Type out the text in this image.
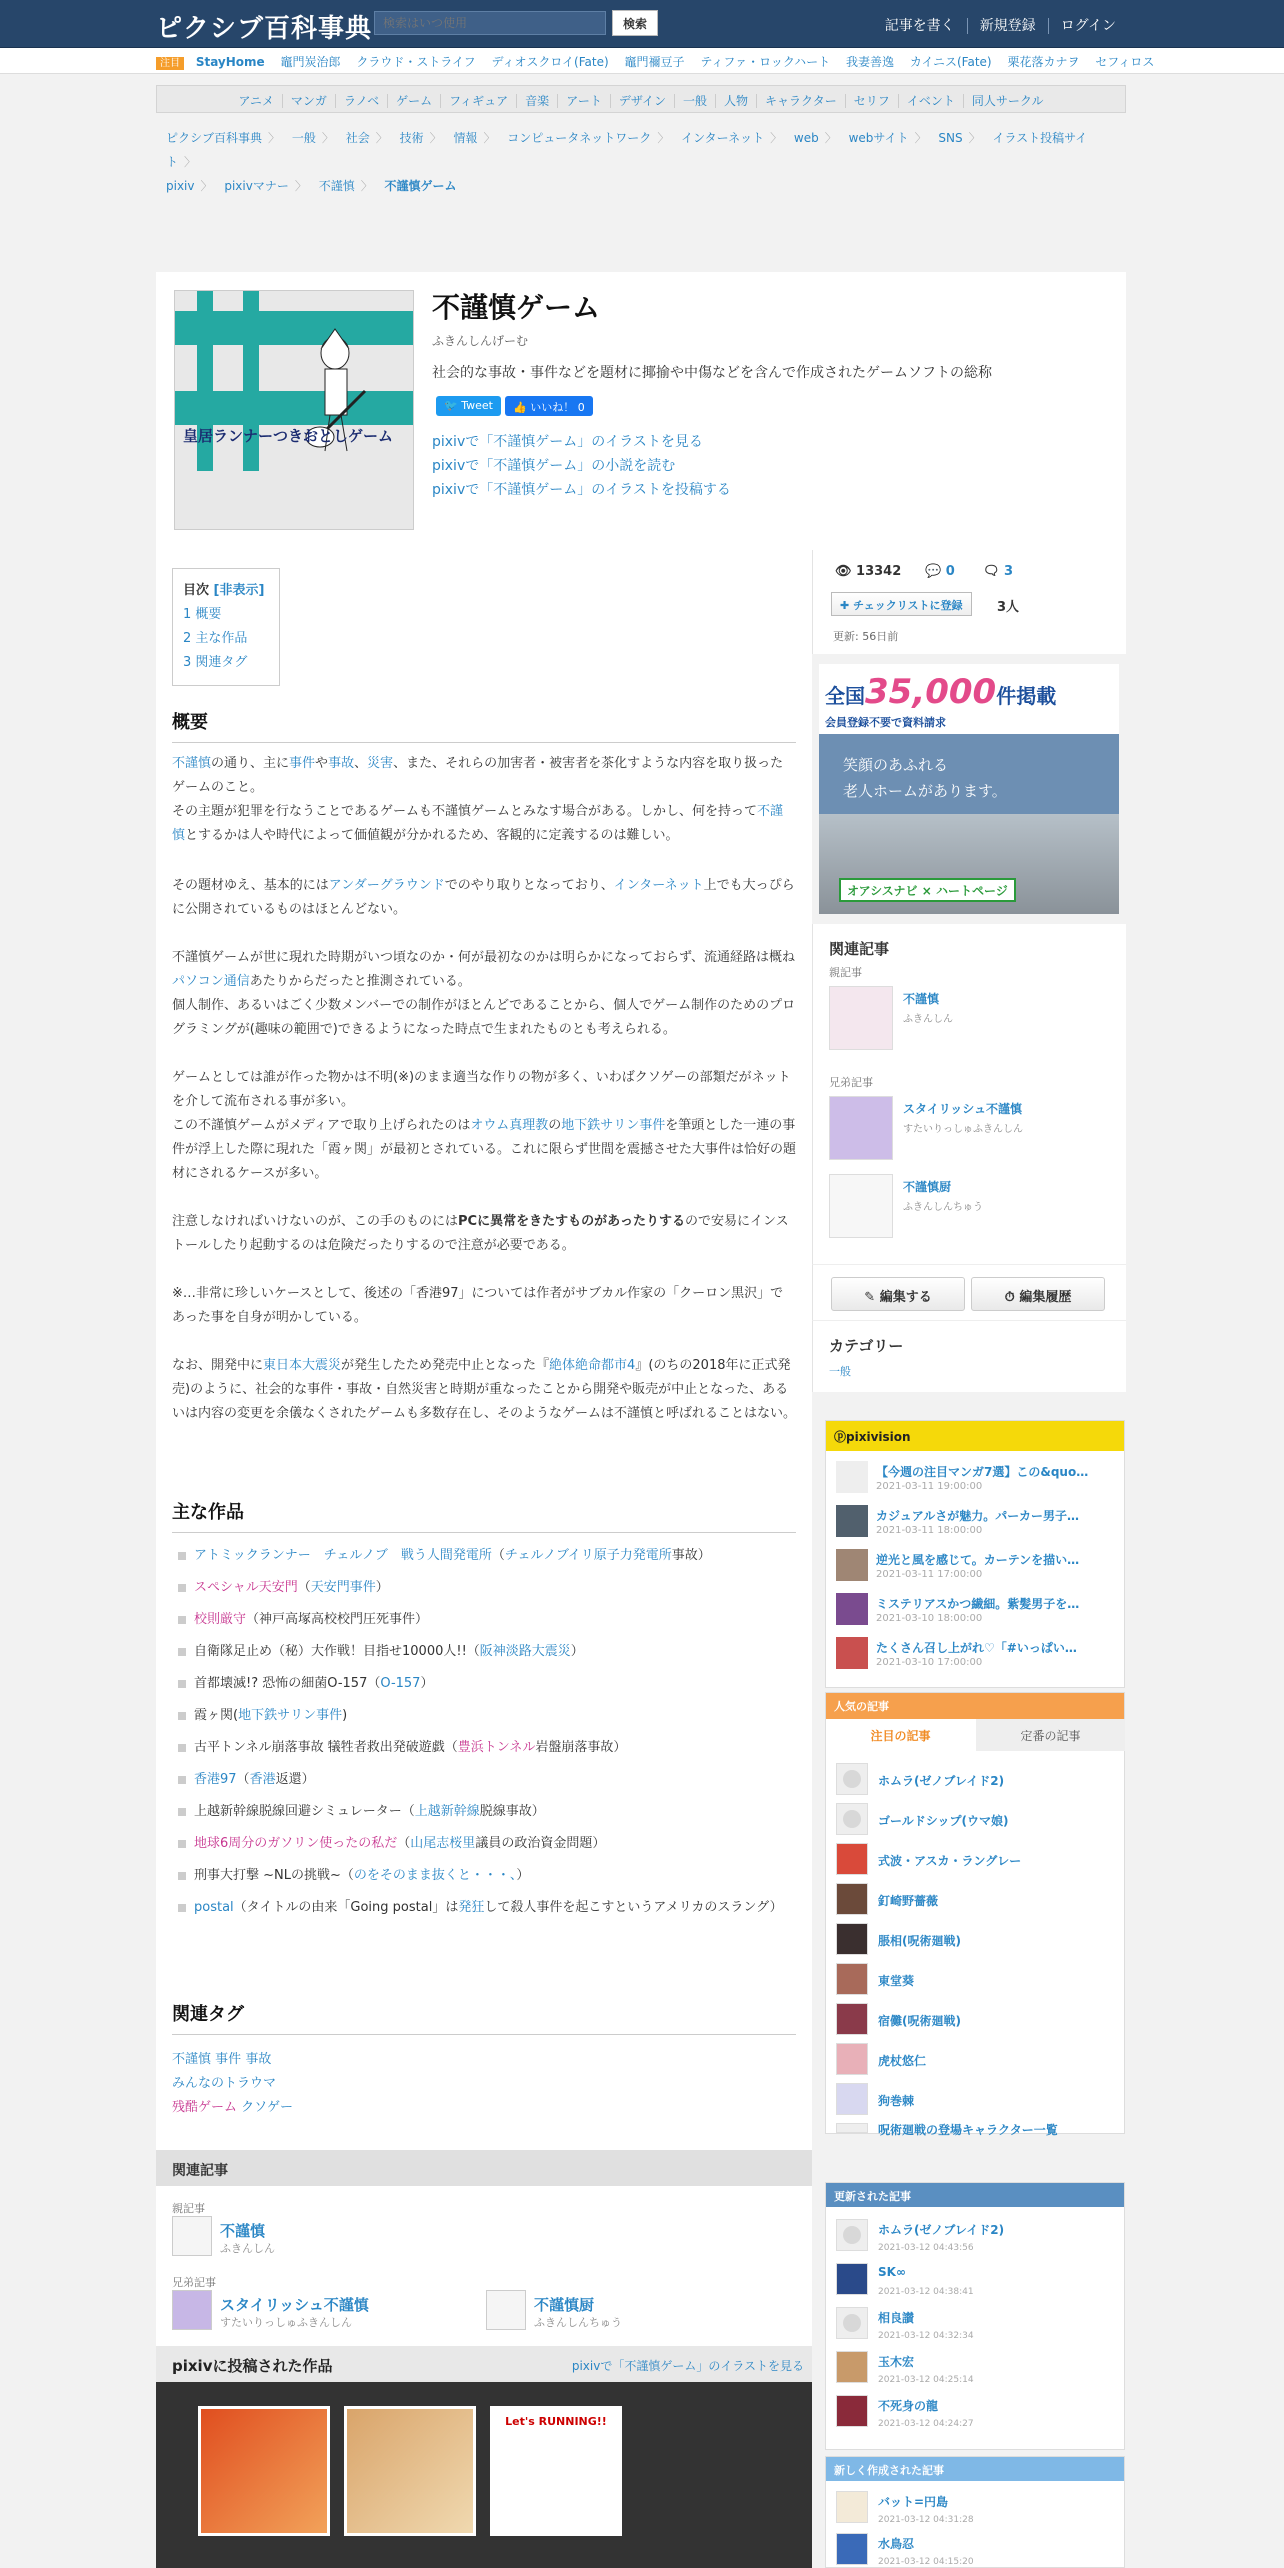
ピクシブ百科事典
検索はいつ使用	検索	記事を書く 新規登録 ログイン
注目 StayHome 竈門炭治郎 クラウド・ストライフ ディオスクロイ(Fate) 竈門禰豆子 ティファ・ロックハート 我妻善逸 カイニス(Fate) 栗花落カナヲ セフィロス
アニメ マンガ ラノベ ゲーム フィギュア 音楽 アート デザイン 一般 人物 キャラクター セリフ イベント 同人サークル
ピクシブ百科事典 〉 一般 〉 社会 〉 技術 〉 情報 〉 コンピュータネットワーク 〉 インターネット 〉 web 〉 webサイト 〉 SNS 〉 イラスト投稿サイト 〉
pixiv 〉 pixivマナー 〉 不謹慎 〉 不謹慎ゲーム
皇居ランナーつきおとしゲーム
不謹慎ゲーム
ふきんしんげーむ
社会的な事故・事件などを題材に揶揄や中傷などを含んで作成されたゲームソフトの総称
🐦 Tweet	👍 いいね！ 0
pixivで「不謹慎ゲーム」のイラストを見る
pixivで「不謹慎ゲーム」の小説を読む
pixivで「不謹慎ゲーム」のイラストを投稿する
目次 [非表示]
1 概要
2 主な作品
3 関連タグ
概要
不謹慎の通り、主に事件や事故、災害、また、それらの加害者・被害者を茶化すような内容を取り扱ったゲームのこと。
その主題が犯罪を行なうことであるゲームも不謹慎ゲームとみなす場合がある。しかし、何を持って不謹慎とするかは人や時代によって価値観が分かれるため、客観的に定義するのは難しい。
その題材ゆえ、基本的にはアンダーグラウンドでのやり取りとなっており、インターネット上でも大っぴらに公開されているものはほとんどない。
不謹慎ゲームが世に現れた時期がいつ頃なのか・何が最初なのかは明らかになっておらず、流通経路は概ねパソコン通信あたりからだったと推測されている。
個人制作、あるいはごく少数メンバーでの制作がほとんどであることから、個人でゲーム制作のためのプログラミングが(趣味の範囲で)できるようになった時点で生まれたものとも考えられる。
ゲームとしては誰が作った物かは不明(※)のまま適当な作りの物が多く、いわばクソゲーの部類だがネットを介して流布される事が多い。
この不謹慎ゲームがメディアで取り上げられたのはオウム真理教の地下鉄サリン事件を筆頭とした一連の事件が浮上した際に現れた「霞ヶ関」が最初とされている。これに限らず世間を震撼させた大事件は恰好の題材にされるケースが多い。
注意しなければいけないのが、この手のものにはPCに異常をきたすものがあったりするので安易にインストールしたり起動するのは危険だったりするので注意が必要である。
※…非常に珍しいケースとして、後述の「香港97」については作者がサブカル作家の「クーロン黒沢」であった事を自身が明かしている。
なお、開発中に東日本大震災が発生したため発売中止となった『絶体絶命都市4』(のちの2018年に正式発売)のように、社会的な事件・事故・自然災害と時期が重なったことから開発や販売が中止となった、あるいは内容の変更を余儀なくされたゲームも多数存在し、そのようなゲームは不謹慎と呼ばれることはない。
主な作品
アトミックランナー　チェルノブ　戦う人間発電所（チェルノブイリ原子力発電所事故）
スペシャル天安門（天安門事件）
校則厳守（神戸高塚高校校門圧死事件）
自衛隊足止め（秘）大作戦！目指せ10000人!!（阪神淡路大震災）
首都壊滅!? 恐怖の細菌O-157（O-157）
霞ヶ関(地下鉄サリン事件)
古平トンネル崩落事故 犠牲者救出発破遊戯（豊浜トンネル岩盤崩落事故）
香港97（香港返還）
上越新幹線脱線回避シミュレーター（上越新幹線脱線事故）
地球6周分のガソリン使ったの私だ（山尾志桜里議員の政治資金問題）
刑事大打撃 ~NLの挑戦~（のをそのまま抜くと・・・、）
postal（タイトルの由来「Going postal」は発狂して殺人事件を起こすというアメリカのスラング）
関連タグ
不謹慎 事件 事故
みんなのトラウマ
残酷ゲーム クソゲー
関連記事
親記事
不謹慎
ふきんしん
兄弟記事
スタイリッシュ不謹慎
すたいりっしゅふきんしん
不謹慎厨
ふきんしんちゅう
pixivに投稿された作品	pixivで「不謹慎ゲーム」のイラストを見る
Let's RUNNING!!
👁 13342 💬 0 🗨 3
✚ チェックリストに登録	3人
更新: 56日前
全国35,000件掲載
会員登録不要で資料請求
笑顔のあふれる
老人ホームがあります。
オアシスナビ × ハートページ
関連記事
親記事
不謹慎
ふきんしん
兄弟記事
スタイリッシュ不謹慎
すたいりっしゅふきんしん
不謹慎厨
ふきんしんちゅう
✎ 編集する	⏱ 編集履歴
カテゴリー
一般
ⓟpixivision
【今週の注目マンガ7選】この&quo…
2021-03-11 19:00:00
カジュアルさが魅力。パーカー男子…
2021-03-11 18:00:00
逆光と風を感じて。カーテンを描い…
2021-03-11 17:00:00
ミステリアスかつ繊細。紫髪男子を…
2021-03-10 18:00:00
たくさん召し上がれ♡「#いっぱい…
2021-03-10 17:00:00
人気の記事
注目の記事	定番の記事
ホムラ(ゼノブレイド2)
ゴールドシップ(ウマ娘)
式波・アスカ・ラングレー
釘崎野薔薇
脹相(呪術廻戦)
東堂葵
宿儺(呪術廻戦)
虎杖悠仁
狗巻棘
呪術廻戦の登場キャラクター一覧
更新された記事
ホムラ(ゼノブレイド2)
2021-03-12 04:43:56
SK∞
2021-03-12 04:38:41
相良讃
2021-03-12 04:32:34
玉木宏
2021-03-12 04:25:14
不死身の龍
2021-03-12 04:24:27
新しく作成された記事
バット=円島
2021-03-12 04:31:28
水鳥忍
2021-03-12 04:15:20
